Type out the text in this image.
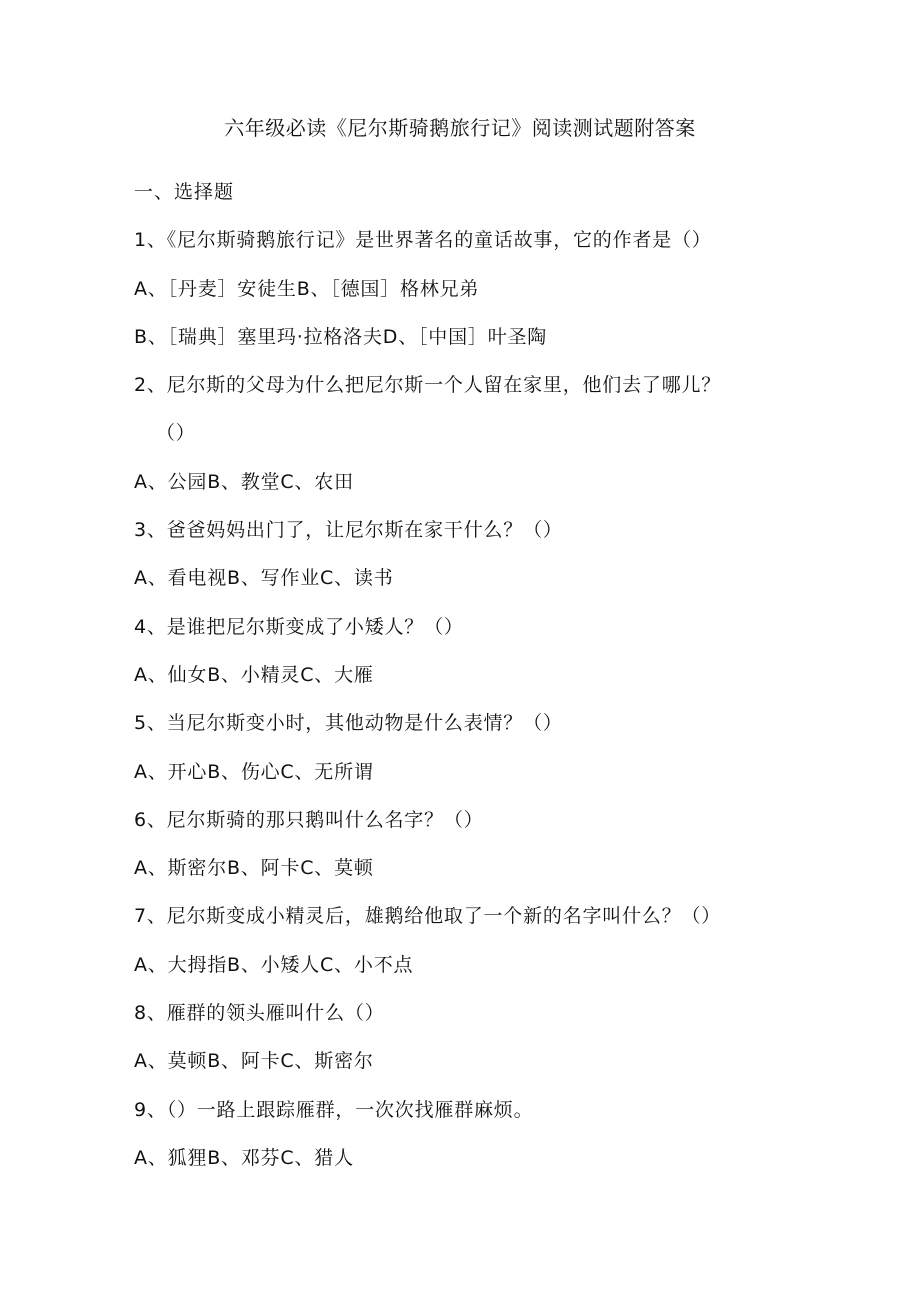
六年级必读《尼尔斯骑鹅旅行记》阅读测试题附答案
一、选择题
1、《尼尔斯骑鹅旅行记》是世界著名的童话故事，它的作者是（）
A、［丹麦］安徒生B、［德国］格林兄弟
B、［瑞典］塞里玛·拉格洛夫D、［中国］叶圣陶
2、尼尔斯的父母为什么把尼尔斯一个人留在家里，他们去了哪儿？
（）
A、公园B、教堂C、农田
3、爸爸妈妈出门了，让尼尔斯在家干什么？（）
A、看电视B、写作业C、读书
4、是谁把尼尔斯变成了小矮人？（）
A、仙女B、小精灵C、大雁
5、当尼尔斯变小时，其他动物是什么表情？（）
A、开心B、伤心C、无所谓
6、尼尔斯骑的那只鹅叫什么名字？（）
A、斯密尔B、阿卡C、莫顿
7、尼尔斯变成小精灵后，雄鹅给他取了一个新的名字叫什么？（）
A、大拇指B、小矮人C、小不点
8、雁群的领头雁叫什么（）
A、莫顿B、阿卡C、斯密尔
9、（）一路上跟踪雁群，一次次找雁群麻烦。
A、狐狸B、邓芬C、猎人
